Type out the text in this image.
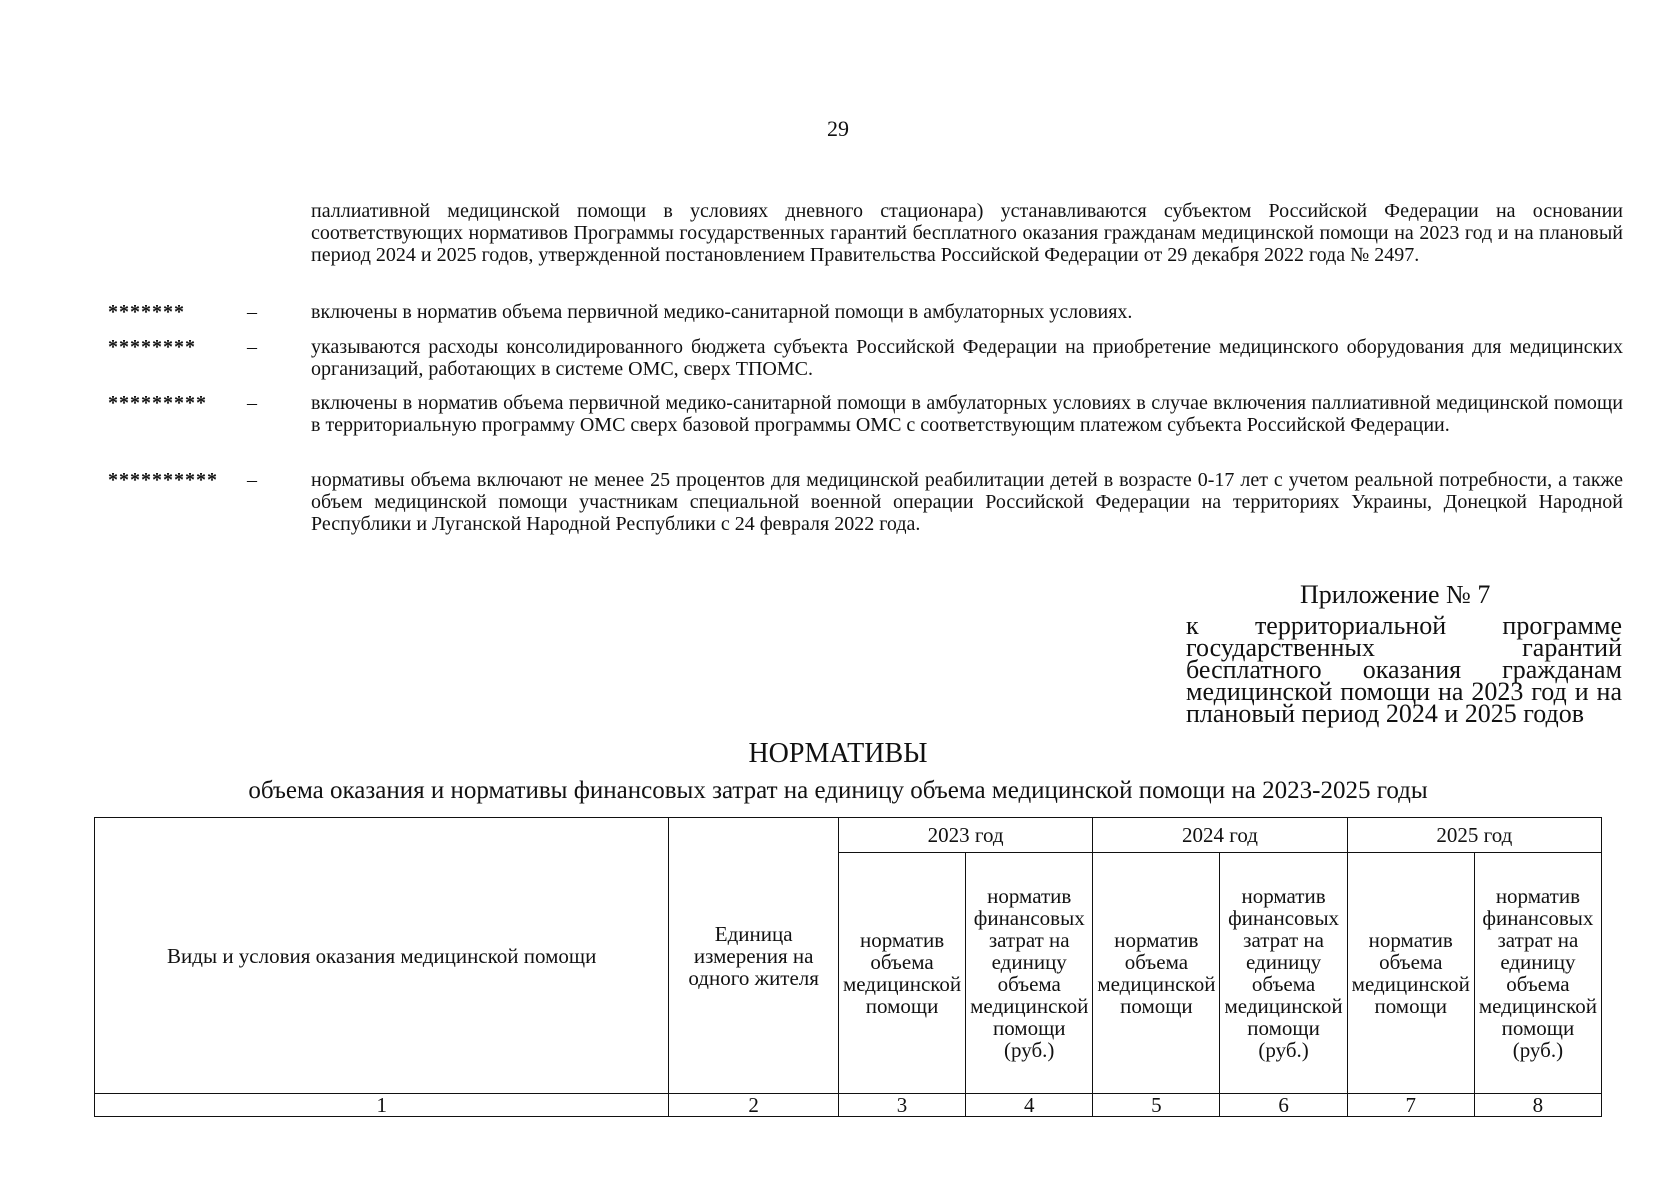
29
паллиативной медицинской помощи в условиях дневного стационара) устанавливаются субъектом Российской Федерации на основании соответствующих нормативов Программы государственных гарантий бесплатного оказания гражданам медицинской помощи на 2023 год и на плановый период 2024 и 2025 годов, утвержденной постановлением Правительства Российской Федерации от 29 декабря 2022 года № 2497.
*******	–	включены в норматив объема первичной медико-санитарной помощи в амбулаторных условиях.
********	–	указываются расходы консолидированного бюджета субъекта Российской Федерации на приобретение медицинского оборудования для медицинских организаций, работающих в системе ОМС, сверх ТПОМС.
********* –	включены в норматив объема первичной медико-санитарной помощи в амбулаторных условиях в случае включения паллиативной медицинской помощи в территориальную программу ОМС сверх базовой программы ОМС с соответствующим платежом субъекта Российской Федерации.
********** –	нормативы объема включают не менее 25 процентов для медицинской реабилитации детей в возрасте 0-17 лет с учетом реальной потребности, а также объем медицинской помощи участникам специальной военной операции Российской Федерации на территориях Украины, Донецкой Народной Республики и Луганской Народной Республики с 24 февраля 2022 года.
Приложение № 7
к территориальной программе государственных гарантий бесплатного оказания гражданам медицинской помощи на 2023 год и на плановый период 2024 и 2025 годов
НОРМАТИВЫ
объема оказания и нормативы финансовых затрат на единицу объема медицинской помощи на 2023-2025 годы
Виды и условия оказания медицинской помощи	Единица измерения на одного жителя	2023 год		2024 год		2025 год	
		норматив объема медицинской помощи	норматив финансовых затрат на единицу объема медицинской помощи (руб.)	норматив объема медицинской помощи	норматив финансовых затрат на единицу объема медицинской помощи (руб.)	норматив объема медицинской помощи	норматив финансовых затрат на единицу объема медицинской помощи (руб.)
1	2	3	4	5	6	7	8
